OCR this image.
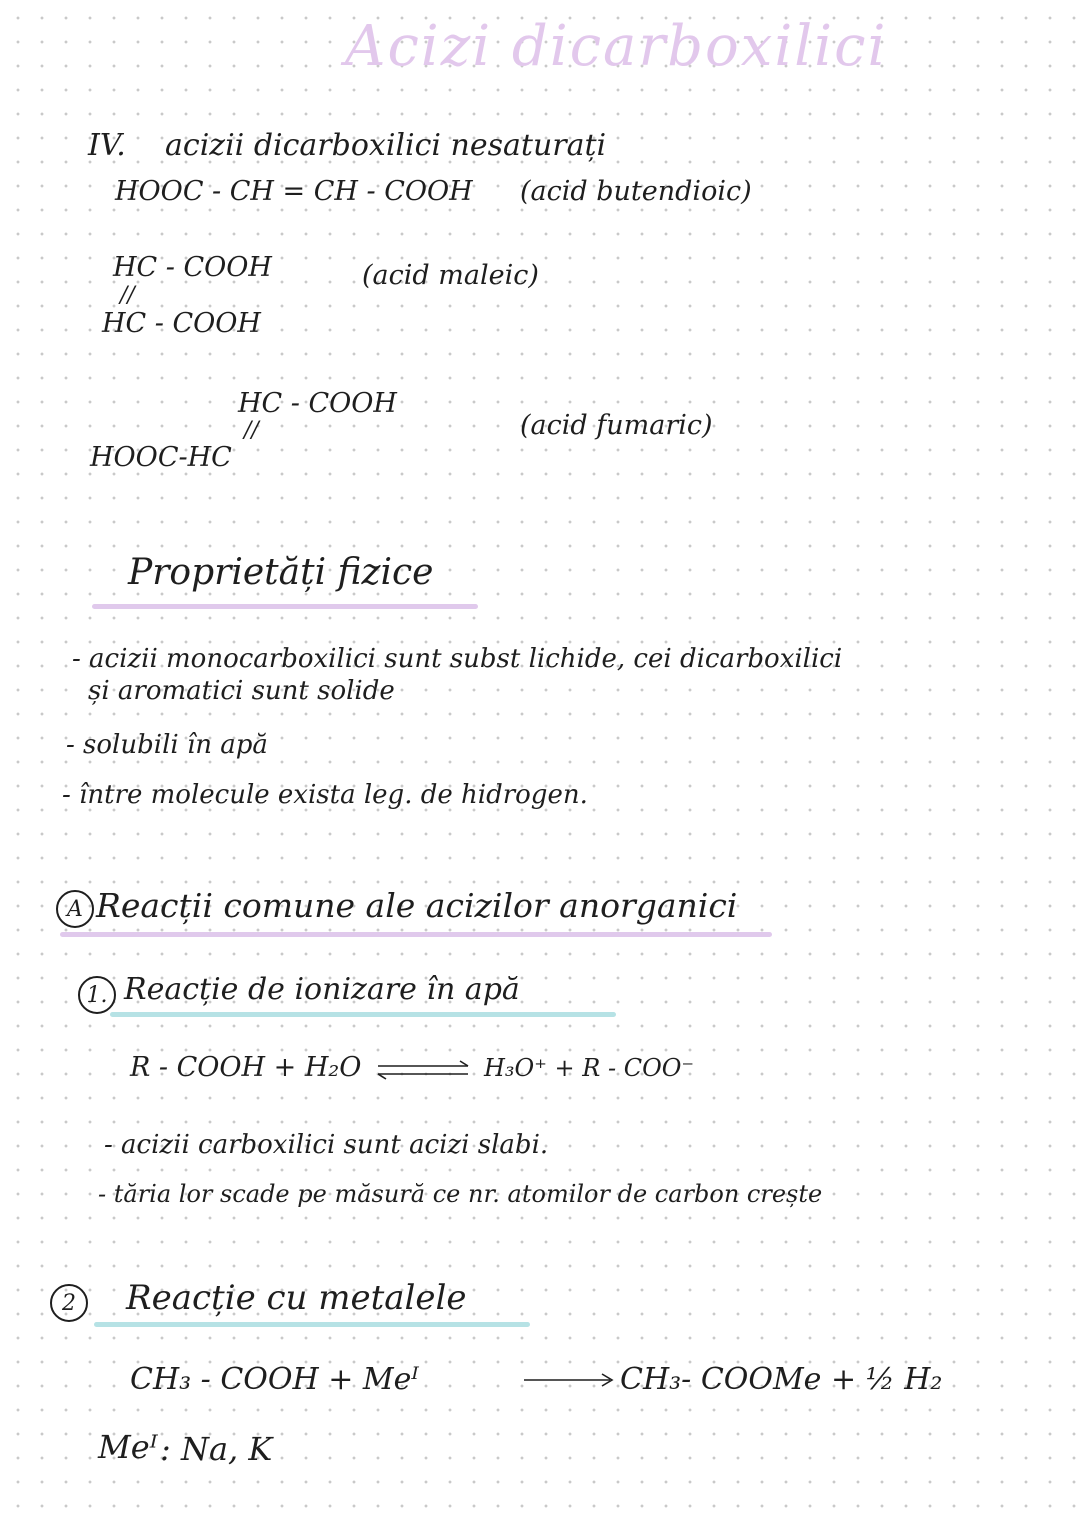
Acizi dicarboxilici
IV. acizii dicarboxilici nesaturați
HOOC - CH = CH - COOH (acid butendioic)
HC - COOH
//
HC - COOH
(acid maleic)
HC - COOH
//
HOOC-HC
(acid fumaric)
Proprietăți fizice
- acizii monocarboxilici sunt subst lichide, cei dicarboxilici
și aromatici sunt solide
- solubili în apă
- între molecule exista leg. de hidrogen.
A Reacții comune ale acizilor anorganici
1. Reacție de ionizare în apă
R - COOH + H₂O	H₃O⁺ + R - COO⁻
- acizii carboxilici sunt acizi slabi.
- tăria lor scade pe măsură ce nr. atomilor de carbon crește
2	Reacție cu metalele
CH₃ - COOH + Meᴵ	CH₃- COOMe + ½ H₂
Meᴵ : Na, K
